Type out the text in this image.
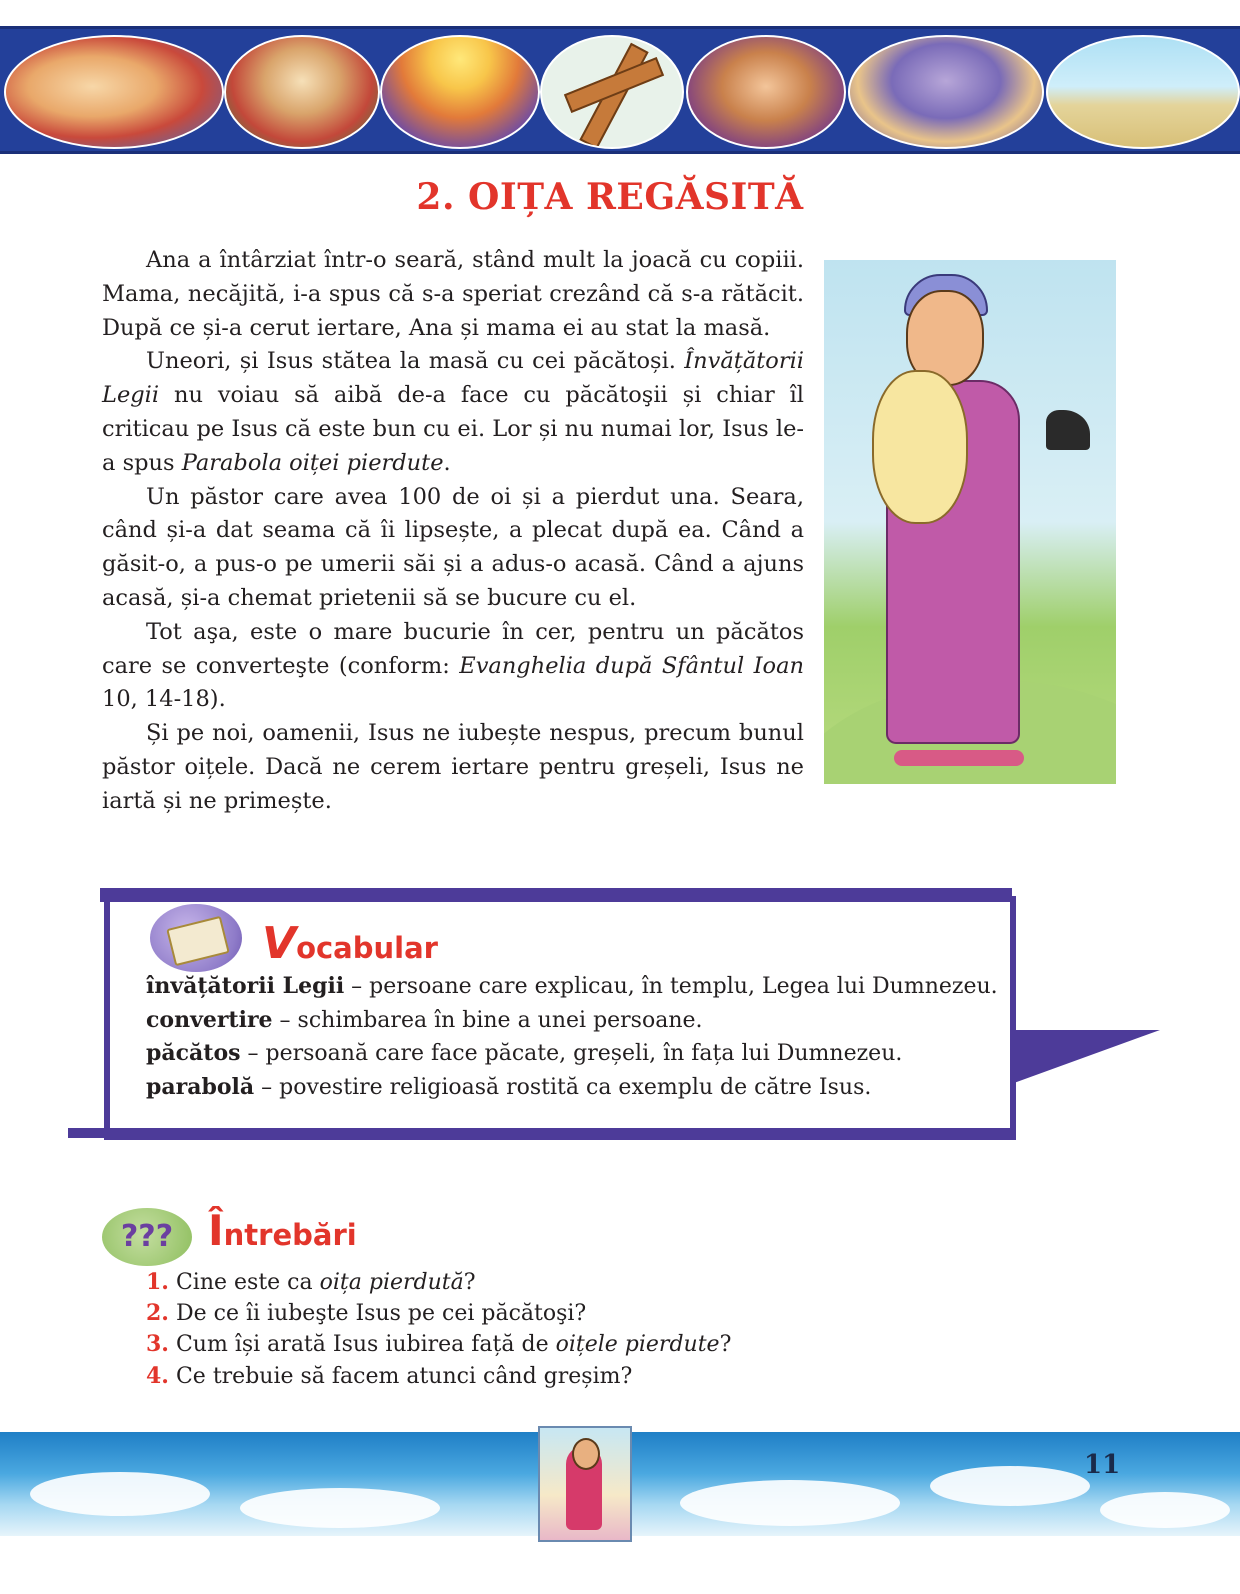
2. OIȚA REGĂSITĂ

Ana a întârziat într-o seară, stând mult la joacă cu copiii. Mama, necăjită, i-a spus că s-a speriat crezând că s-a rătăcit. După ce și-a cerut iertare, Ana și mama ei au stat la masă.

Uneori, și Isus stătea la masă cu cei păcătoși. Învățătorii Legii nu voiau să aibă de-a face cu păcătoşii și chiar îl criticau pe Isus că este bun cu ei. Lor și nu numai lor, Isus le-a spus Parabola oiței pierdute.

Un păstor care avea 100 de oi și a pierdut una. Seara, când și-a dat seama că îi lipsește, a plecat după ea. Când a găsit-o, a pus-o pe umerii săi și a adus-o acasă. Când a ajuns acasă, și-a chemat prietenii să se bucure cu el.

Tot aşa, este o mare bucurie în cer, pentru un păcătos care se converteşte (conform: Evanghelia după Sfântul Ioan 10, 14-18).

Și pe noi, oamenii, Isus ne iubește nespus, precum bunul păstor oițele. Dacă ne cerem iertare pentru greșeli, Isus ne iartă și ne primește.

Vocabular
învățătorii Legii – persoane care explicau, în templu, Legea lui Dumnezeu.
convertire – schimbarea în bine a unei persoane.
păcătos – persoană care face păcate, greșeli, în fața lui Dumnezeu.
parabolă – povestire religioasă rostită ca exemplu de către Isus.
??? Întrebări
1. Cine este ca oița pierdută?
2. De ce îi iubeşte Isus pe cei păcătoşi?
3. Cum își arată Isus iubirea față de oițele pierdute?
4. Ce trebuie să facem atunci când greșim?
11
